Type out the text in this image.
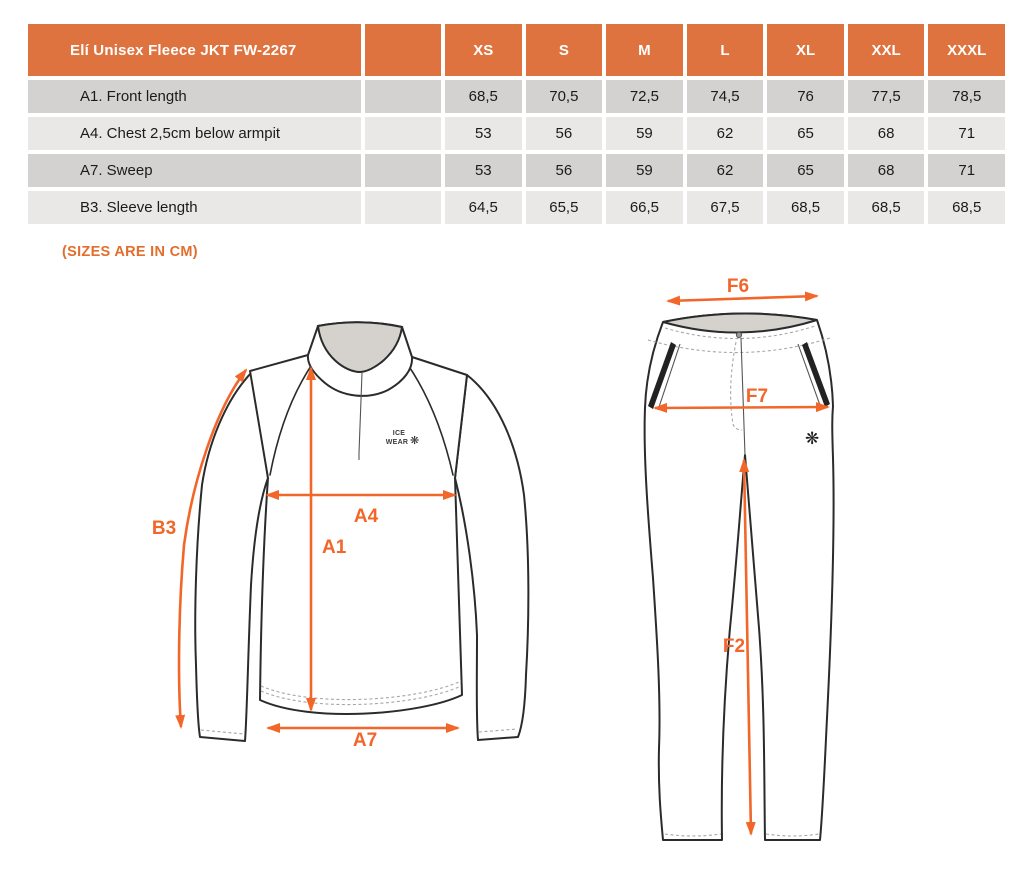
Elí Unisex Fleece JKT FW-2267	XS	S	M	L	XL	XXL	XXXL
A1. Front length	68,5	70,5	72,5	74,5	76	77,5	78,5
A4. Chest 2,5cm below armpit	53	56	59	62	65	68	71
A7. Sweep	53	56	59	62	65	68	71
B3. Sleeve length	64,5	65,5	66,5	67,5	68,5	68,5	68,5
(SIZES ARE IN CM)
ICE
WEAR ❋
B3
A4
A1
A7
❋
F6
F7
F2
